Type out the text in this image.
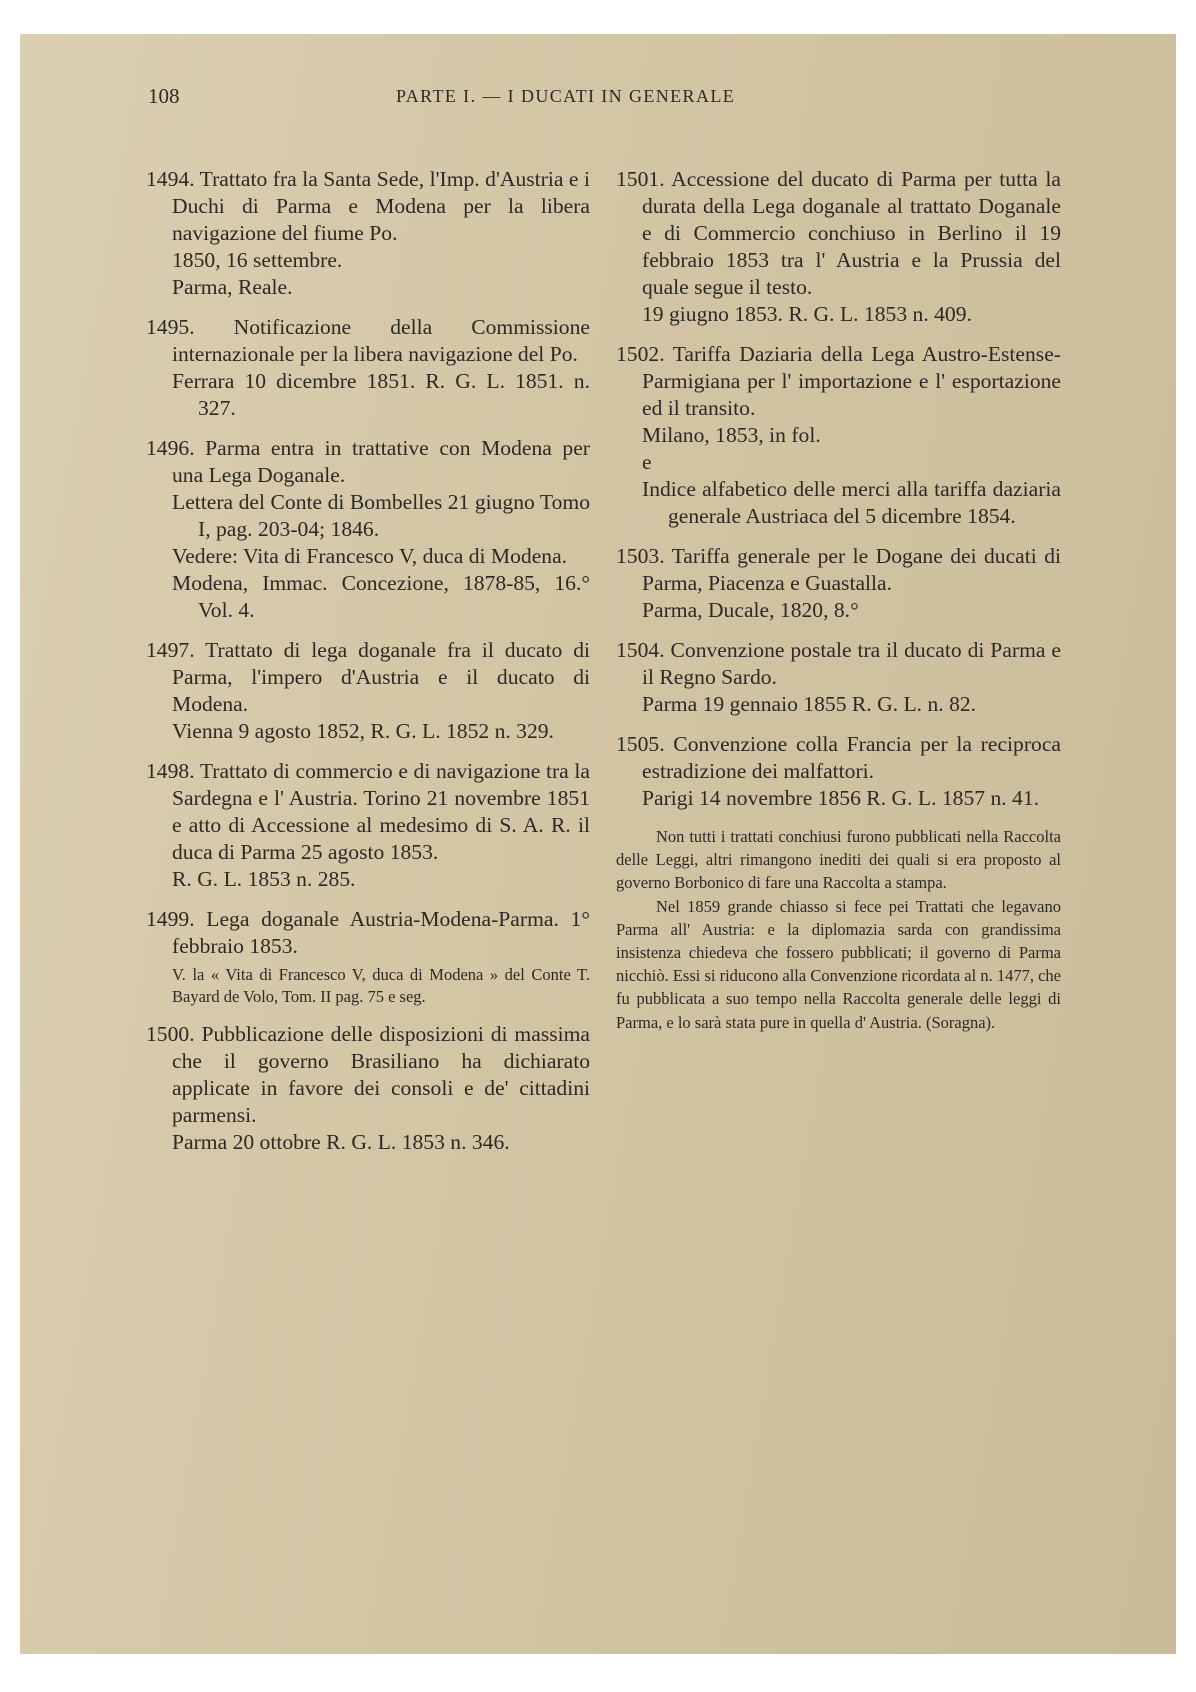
108	PARTE I. — I DUCATI IN GENERALE
1494. Trattato fra la Santa Sede, l'Imp. d'Austria e i Duchi di Parma e Modena per la libera navigazione del fiume Po.
1850, 16 settembre.
Parma, Reale.
1495. Notificazione della Commissione internazionale per la libera navigazione del Po.
Ferrara 10 dicembre 1851. R. G. L. 1851. n. 327.
1496. Parma entra in trattative con Modena per una Lega Doganale.
Lettera del Conte di Bombelles 21 giugno Tomo I, pag. 203-04; 1846.
Vedere: Vita di Francesco V, duca di Modena.
Modena, Immac. Concezione, 1878-85, 16.° Vol. 4.
1497. Trattato di lega doganale fra il ducato di Parma, l'impero d'Austria e il ducato di Modena.
Vienna 9 agosto 1852, R. G. L. 1852 n. 329.
1498. Trattato di commercio e di navigazione tra la Sardegna e l' Austria. Torino 21 novembre 1851 e atto di Accessione al medesimo di S. A. R. il duca di Parma 25 agosto 1853.
R. G. L. 1853 n. 285.
1499. Lega doganale Austria-Modena-Parma. 1° febbraio 1853.
V. la « Vita di Francesco V, duca di Modena » del Conte T. Bayard de Volo, Tom. II pag. 75 e seg.
1500. Pubblicazione delle disposizioni di massima che il governo Brasiliano ha dichiarato applicate in favore dei consoli e de' cittadini parmensi.
Parma 20 ottobre R. G. L. 1853 n. 346.
1501. Accessione del ducato di Parma per tutta la durata della Lega doganale al trattato Doganale e di Commercio conchiuso in Berlino il 19 febbraio 1853 tra l' Austria e la Prussia del quale segue il testo.
19 giugno 1853. R. G. L. 1853 n. 409.
1502. Tariffa Daziaria della Lega Austro-Estense-Parmigiana per l' importazione e l' esportazione ed il transito.
Milano, 1853, in fol.
e
Indice alfabetico delle merci alla tariffa daziaria generale Austriaca del 5 dicembre 1854.
1503. Tariffa generale per le Dogane dei ducati di Parma, Piacenza e Guastalla.
Parma, Ducale, 1820, 8.°
1504. Convenzione postale tra il ducato di Parma e il Regno Sardo.
Parma 19 gennaio 1855 R. G. L. n. 82.
1505. Convenzione colla Francia per la reciproca estradizione dei malfattori.
Parigi 14 novembre 1856 R. G. L. 1857 n. 41.

Non tutti i trattati conchiusi furono pubblicati nella Raccolta delle Leggi, altri rimangono inediti dei quali si era proposto al governo Borbonico di fare una Raccolta a stampa.

Nel 1859 grande chiasso si fece pei Trattati che legavano Parma all' Austria: e la diplomazia sarda con grandissima insistenza chiedeva che fossero pubblicati; il governo di Parma nicchiò. Essi si riducono alla Convenzione ricordata al n. 1477, che fu pubblicata a suo tempo nella Raccolta generale delle leggi di Parma, e lo sarà stata pure in quella d' Austria. (Soragna).
